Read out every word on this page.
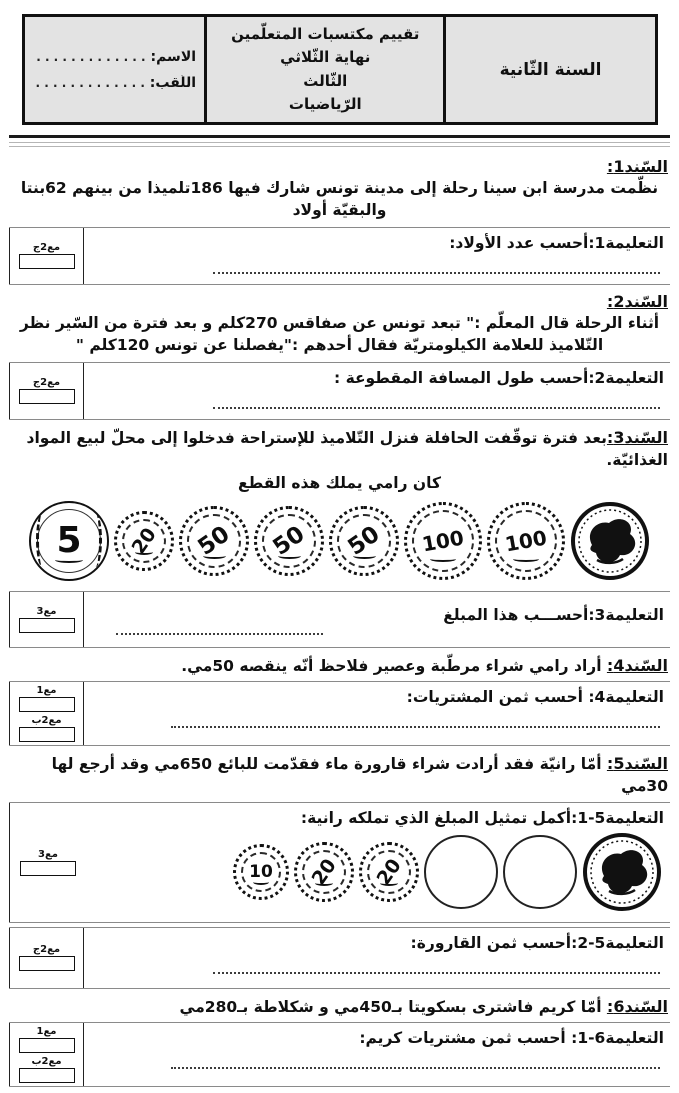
السنة الثّانية
تقييم مكتسبات المتعلّمين نهاية الثّلاثي
الثّالث
الرّياضيات
الاسم: . . . . . . . . . . . . .
اللّقب: . . . . . . . . . . . . .
السّند1:
نظّمت مدرسة ابن سينا رحلة إلى مدينة تونس شارك فيها 186تلميذا من بينهم 62بنتا والبقيّة أولاد
التعليمة1:أحسب عدد الأولاد:
مع2ج
السّند2:
أثناء الرحلة قال المعلّم :" تبعد تونس عن صفاقس 270كلم و بعد فترة من السّير نظر التّلاميذ للعلامة الكيلومتريّة فقال أحدهم :"يفصلنا عن تونس 120كلم "
التعليمة2:أحسب طول المسافة المقطوعة :
مع2ج
السّند3:بعد فترة توقّفت الحافلة فنزل التّلاميذ للإستراحة فدخلوا إلى محلّ لبيع المواد الغذائيّة.
كان رامي يملك هذه القطع
5 20 50 50 50 100 100
التعليمة3:أحســـب هذا المبلغ
مع3
السّند4: أراد رامي شراء مرطّبة وعصير فلاحظ أنّه ينقصه 50مي.
التعليمة4: أحسب ثمن المشتريات:
مع1
مع2ب
السّند5: أمّا رانيّة فقد أرادت شراء قارورة ماء فقدّمت للبائع 650مي وقد أرجع لها 30مي
التعليمة5-1:أكمل تمثيل المبلغ الذي تملكه رانية:
10 20 20
مع3
التعليمة5-2:أحسب ثمن القارورة:
مع2ج
السّند6: أمّا كريم فاشترى بسكويتا بـ450مي و شكلاطة بـ280مي
التعليمة6-1: أحسب ثمن مشتريات كريم:
مع1
مع2ب
